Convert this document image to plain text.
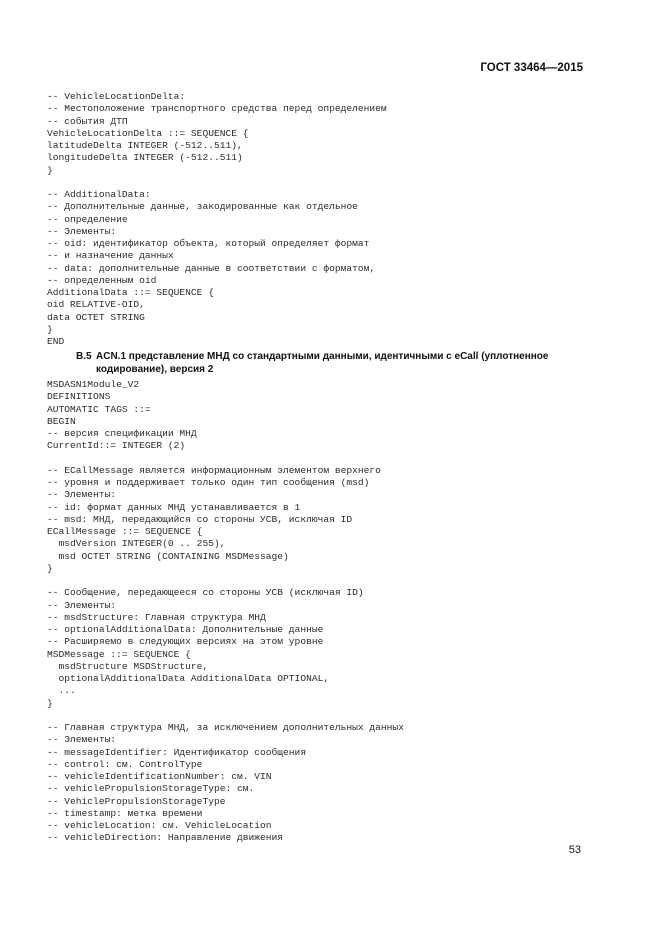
ГОСТ 33464—2015
-- VehicleLocationDelta:
-- Местоположение транспортного средства перед определением
-- события ДТП
VehicleLocationDelta ::= SEQUENCE {
latitudeDelta INTEGER (-512..511),
longitudeDelta INTEGER (-512..511)
}
-- AdditionalData:
-- Дополнительные данные, закодированные как отдельное
-- определение
-- Элементы:
-- oid: идентификатор объекта, который определяет формат
-- и назначение данных
-- data: дополнительные данные в соответствии с форматом,
-- определенным oid
AdditionalData ::= SEQUENCE {
oid RELATIVE-OID,
data OCTET STRING
}
END
В.5 ACN.1 представление МНД со стандартными данными, идентичными с eCall (уплотненное кодирование), версия 2
MSDASN1Module_V2
DEFINITIONS
AUTOMATIC TAGS ::=
BEGIN
-- версия спецификации МНД
CurrentId::= INTEGER (2)
-- ECallMessage является информационным элементом верхнего
-- уровня и поддерживает только один тип сообщения (msd)
-- Элементы:
-- id: формат данных МНД устанавливается в 1
-- msd: МНД, передающийся со стороны УСВ, исключая ID
ECallMessage ::= SEQUENCE {
msdVersion INTEGER(0 .. 255),
msd OCTET STRING (CONTAINING MSDMessage)
}
-- Сообщение, передающееся со стороны УСВ (исключая ID)
-- Элементы:
-- msdStructure: Главная структура МНД
-- optionalAdditionalData: Дополнительные данные
-- Расширяемо в следующих версиях на этом уровне
MSDMessage ::= SEQUENCE {
msdStructure MSDStructure,
optionalAdditionalData AdditionalData OPTIONAL,
...
}
-- Главная структура МНД, за исключением дополнительных данных
-- Элементы:
-- messageIdentifier: Идентификатор сообщения
-- control: см. ControlType
-- vehicleIdentificationNumber: см. VIN
-- vehiclePropulsionStorageType: см.
-- VehiclePropulsionStorageType
-- timestamp: метка времени
-- vehicleLocation: см. VehicleLocation
-- vehicleDirection: Направление движения
53
